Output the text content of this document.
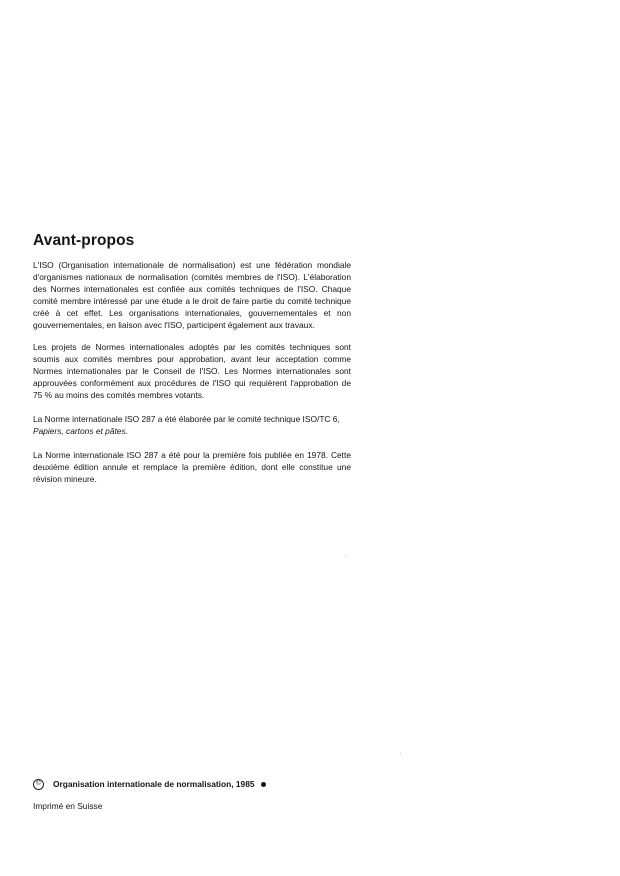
Avant-propos

L'ISO (Organisation internationale de normalisation) est une fédération mondiale d'organismes nationaux de normalisation (comités membres de l'ISO). L'élaboration des Normes internationales est confiée aux comités techniques de l'ISO. Chaque comité membre intéressé par une étude a le droit de faire partie du comité technique créé à cet effet. Les organisations internationales, gouvernementales et non gouvernementales, en liaison avec l'ISO, participent également aux travaux.

Les projets de Normes internationales adoptés par les comités techniques sont soumis aux comités membres pour approbation, avant leur acceptation comme Normes internationales par le Conseil de l'ISO. Les Normes internationales sont approuvées conformément aux procédures de l'ISO qui requièrent l'approbation de 75 % au moins des comités membres votants.

La Norme internationale ISO 287 a été élaborée par le comité technique ISO/TC 6,
Papiers, cartons et pâtes.

La Norme internationale ISO 287 a été pour la première fois publiée en 1978. Cette deuxième édition annule et remplace la première édition, dont elle constitue une révision mineure.

© Organisation internationale de normalisation, 1985
Imprimé en Suisse
